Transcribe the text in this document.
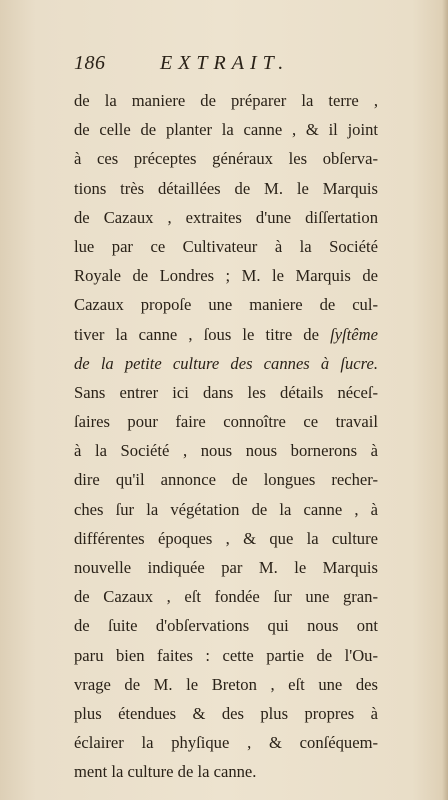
186	EXTRAIT.
de la maniere de préparer la terre ,
de celle de planter la canne , & il joint
à ces préceptes généraux les obſerva-
tions très détaillées de M. le Marquis
de Cazaux , extraites d'une diſſertation
lue par ce Cultivateur à la Société
Royale de Londres ; M. le Marquis de
Cazaux propoſe une maniere de cul-
tiver la canne , ſous le titre de ſyſtême
de la petite culture des cannes à ſucre.
Sans entrer ici dans les détails néceſ-
ſaires pour faire connoître ce travail
à la Société , nous nous bornerons à
dire qu'il annonce de longues recher-
ches ſur la végétation de la canne , à
différentes époques , & que la culture
nouvelle indiquée par M. le Marquis
de Cazaux , eſt fondée ſur une gran-
de ſuite d'obſervations qui nous ont
paru bien faites : cette partie de l'Ou-
vrage de M. le Breton , eſt une des
plus étendues & des plus propres à
éclairer la phyſique , & conſéquem-
ment la culture de la canne.
